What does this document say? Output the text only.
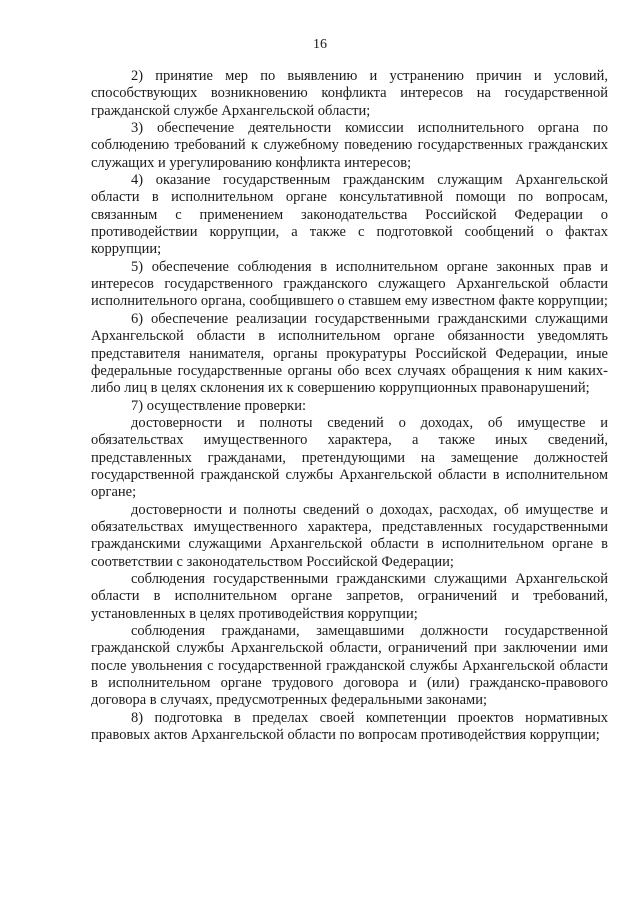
16

2) принятие мер по выявлению и устранению причин и условий, способствующих возникновению конфликта интересов на государственной гражданской службе Архангельской области;

3) обеспечение деятельности комиссии исполнительного органа по соблюдению требований к служебному поведению государственных гражданских служащих и урегулированию конфликта интересов;

4) оказание государственным гражданским служащим Архангельской области в исполнительном органе консультативной помощи по вопросам, связанным с применением законодательства Российской Федерации о противодействии коррупции, а также с подготовкой сообщений о фактах коррупции;

5) обеспечение соблюдения в исполнительном органе законных прав и интересов государственного гражданского служащего Архангельской области исполнительного органа, сообщившего о ставшем ему известном факте коррупции;

6) обеспечение реализации государственными гражданскими служащими Архангельской области в исполнительном органе обязанности уведомлять представителя нанимателя, органы прокуратуры Российской Федерации, иные федеральные государственные органы обо всех случаях обращения к ним каких-либо лиц в целях склонения их к совершению коррупционных правонарушений;

7) осуществление проверки:

достоверности и полноты сведений о доходах, об имуществе и обязательствах имущественного характера, а также иных сведений, представленных гражданами, претендующими на замещение должностей государственной гражданской службы Архангельской области в исполнительном органе;

достоверности и полноты сведений о доходах, расходах, об имуществе и обязательствах имущественного характера, представленных государственными гражданскими служащими Архангельской области в исполнительном органе в соответствии с законодательством Российской Федерации;

соблюдения государственными гражданскими служащими Архангельской области в исполнительном органе запретов, ограничений и требований, установленных в целях противодействия коррупции;

соблюдения гражданами, замещавшими должности государственной гражданской службы Архангельской области, ограничений при заключении ими после увольнения с государственной гражданской службы Архангельской области в исполнительном органе трудового договора и (или) гражданско-правового договора в случаях, предусмотренных федеральными законами;

8) подготовка в пределах своей компетенции проектов нормативных правовых актов Архангельской области по вопросам противодействия коррупции;
